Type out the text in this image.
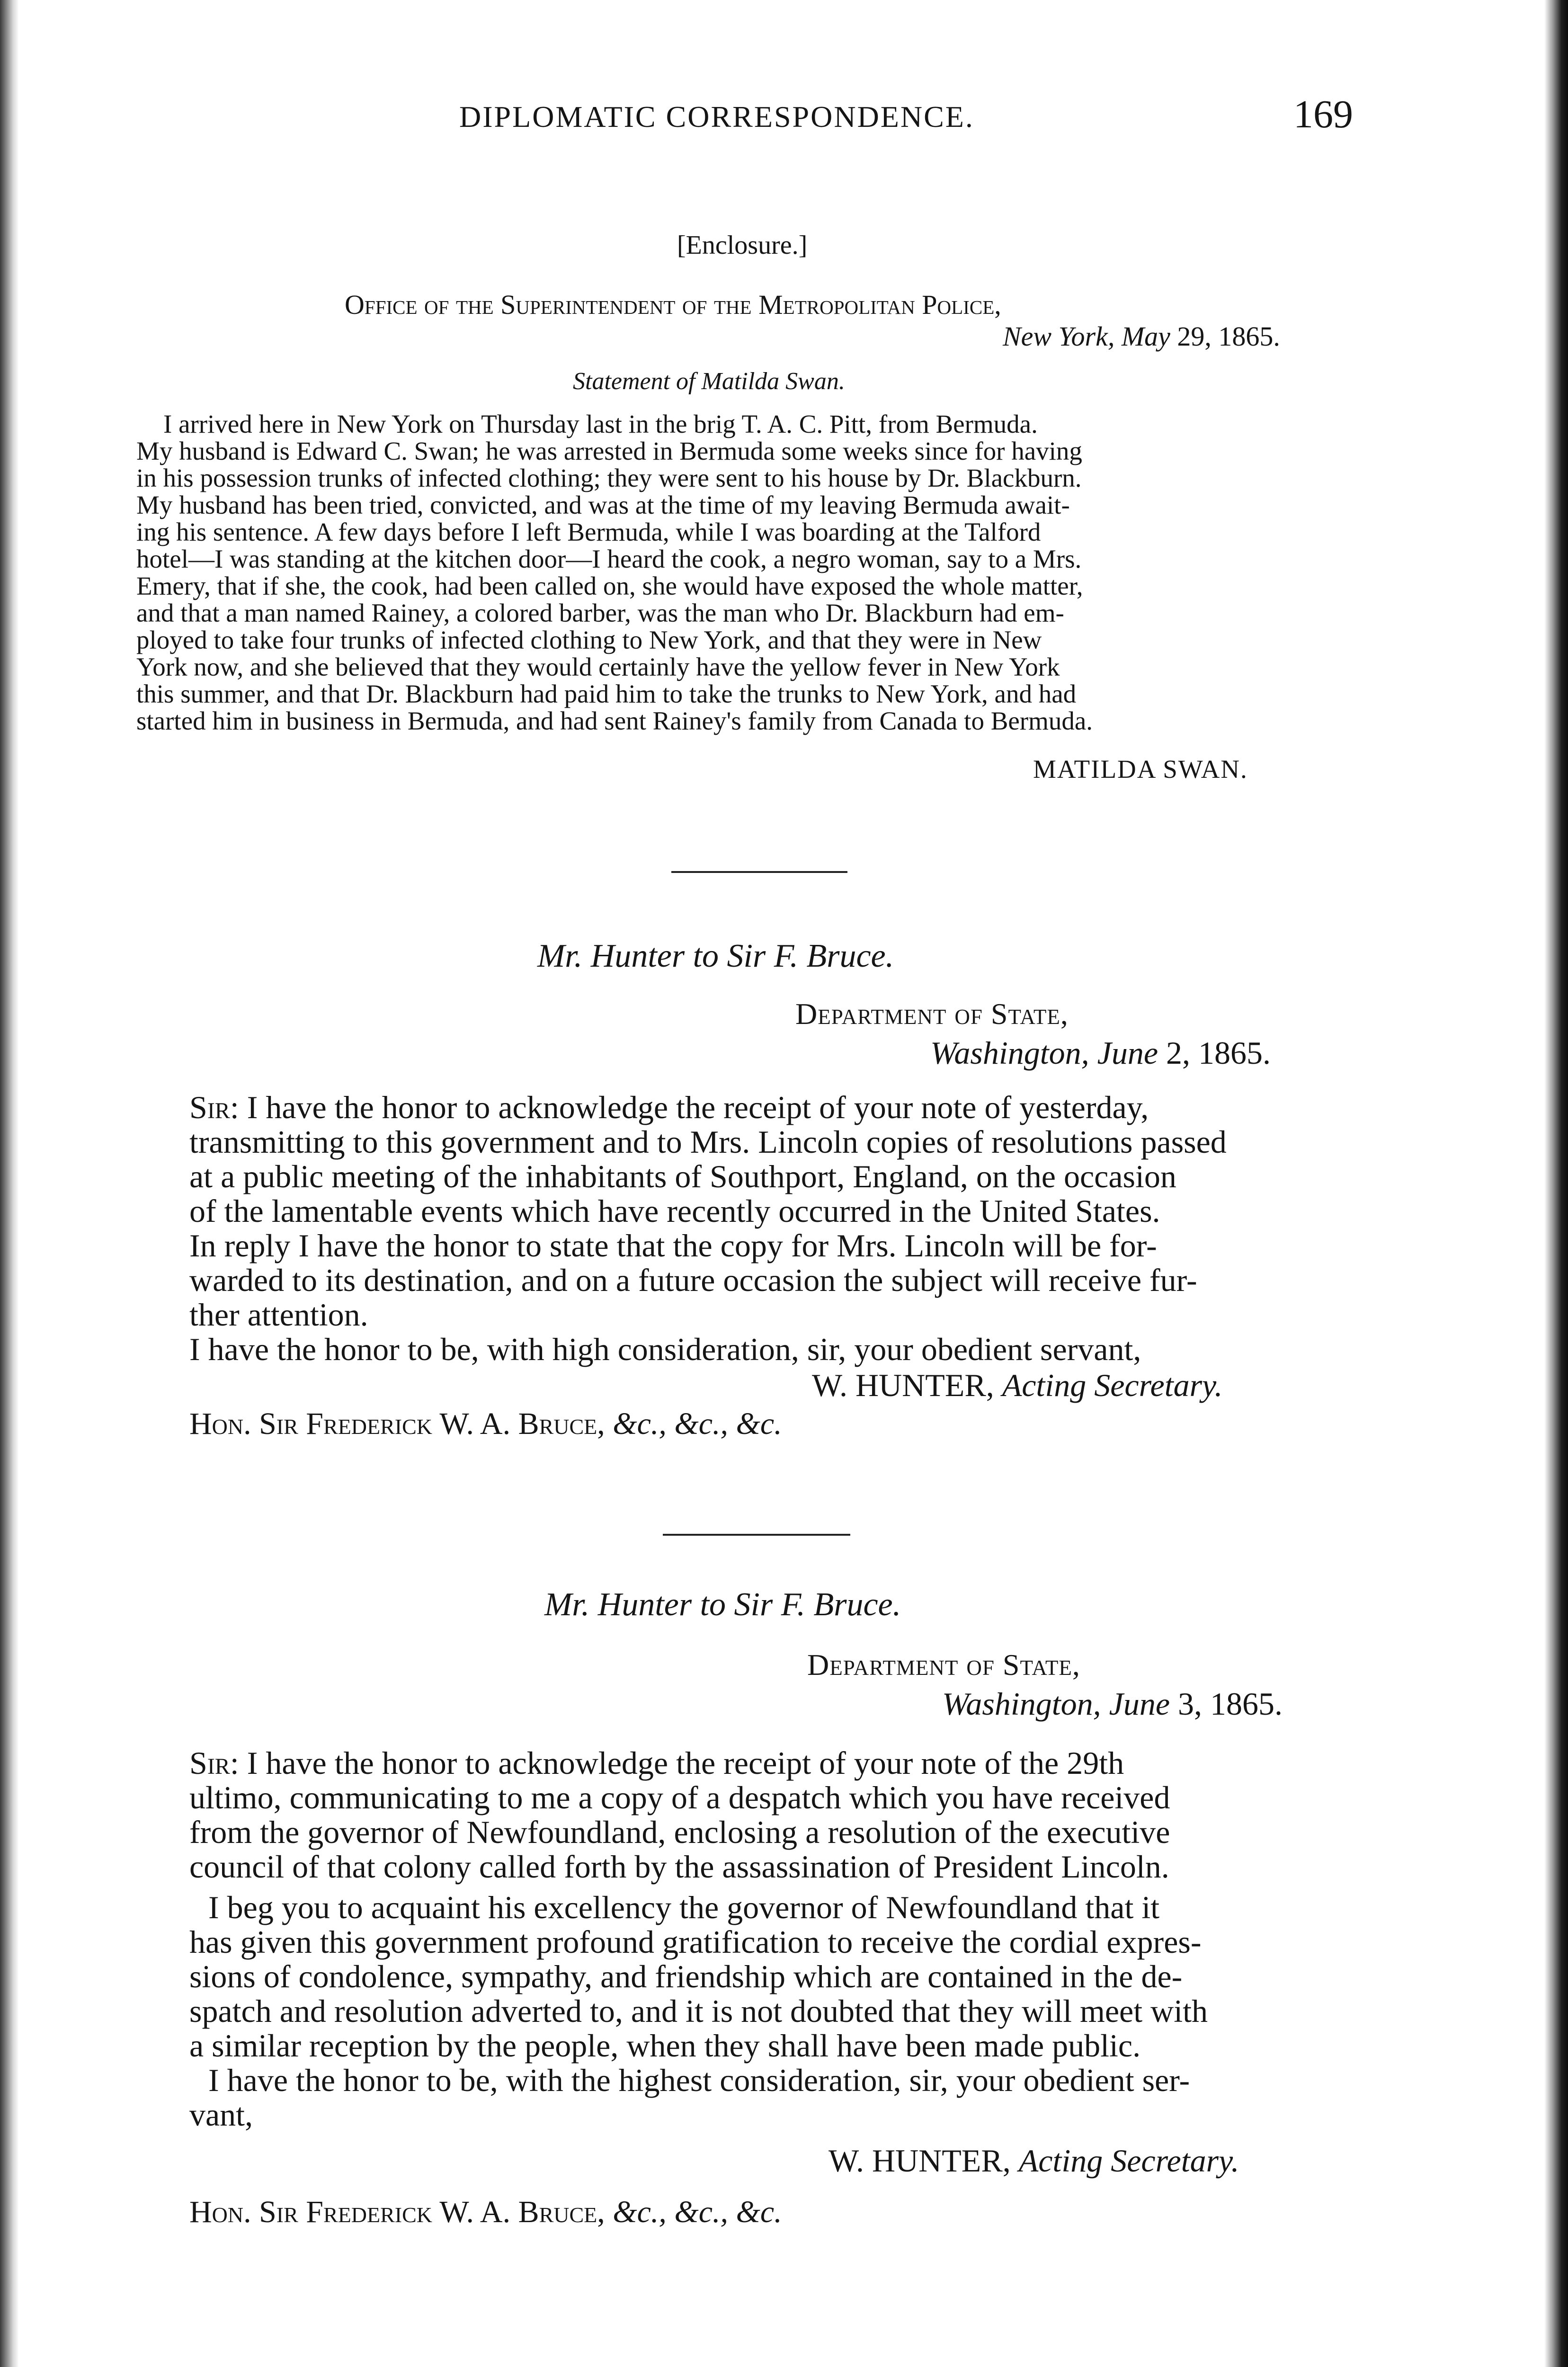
DIPLOMATIC CORRESPONDENCE.	169

[Enclosure.]

Office of the Superintendent of the Metropolitan Police,

New York, May 29, 1865.

Statement of Matilda Swan.

I arrived here in New York on Thursday last in the brig T. A. C. Pitt, from Bermuda.

My husband is Edward C. Swan; he was arrested in Bermuda some weeks since for having

in his possession trunks of infected clothing; they were sent to his house by Dr. Blackburn.

My husband has been tried, convicted, and was at the time of my leaving Bermuda await-

ing his sentence. A few days before I left Bermuda, while I was boarding at the Talford

hotel—I was standing at the kitchen door—I heard the cook, a negro woman, say to a Mrs.

Emery, that if she, the cook, had been called on, she would have exposed the whole matter,

and that a man named Rainey, a colored barber, was the man who Dr. Blackburn had em-

ployed to take four trunks of infected clothing to New York, and that they were in New

York now, and she believed that they would certainly have the yellow fever in New York

this summer, and that Dr. Blackburn had paid him to take the trunks to New York, and had

started him in business in Bermuda, and had sent Rainey's family from Canada to Bermuda.

MATILDA SWAN.

Mr. Hunter to Sir F. Bruce.

Department of State,

Washington, June 2, 1865.

Sir: I have the honor to acknowledge the receipt of your note of yesterday,

transmitting to this government and to Mrs. Lincoln copies of resolutions passed

at a public meeting of the inhabitants of Southport, England, on the occasion

of the lamentable events which have recently occurred in the United States.

In reply I have the honor to state that the copy for Mrs. Lincoln will be for-

warded to its destination, and on a future occasion the subject will receive fur-

ther attention.

I have the honor to be, with high consideration, sir, your obedient servant,

W. HUNTER, Acting Secretary.

Hon. Sir Frederick W. A. Bruce, &c., &c., &c.

Mr. Hunter to Sir F. Bruce.

Department of State,

Washington, June 3, 1865.

Sir: I have the honor to acknowledge the receipt of your note of the 29th

ultimo, communicating to me a copy of a despatch which you have received

from the governor of Newfoundland, enclosing a resolution of the executive

council of that colony called forth by the assassination of President Lincoln.

I beg you to acquaint his excellency the governor of Newfoundland that it

has given this government profound gratification to receive the cordial expres-

sions of condolence, sympathy, and friendship which are contained in the de-

spatch and resolution adverted to, and it is not doubted that they will meet with

a similar reception by the people, when they shall have been made public.

I have the honor to be, with the highest consideration, sir, your obedient ser-

vant,

W. HUNTER, Acting Secretary.

Hon. Sir Frederick W. A. Bruce, &c., &c., &c.
